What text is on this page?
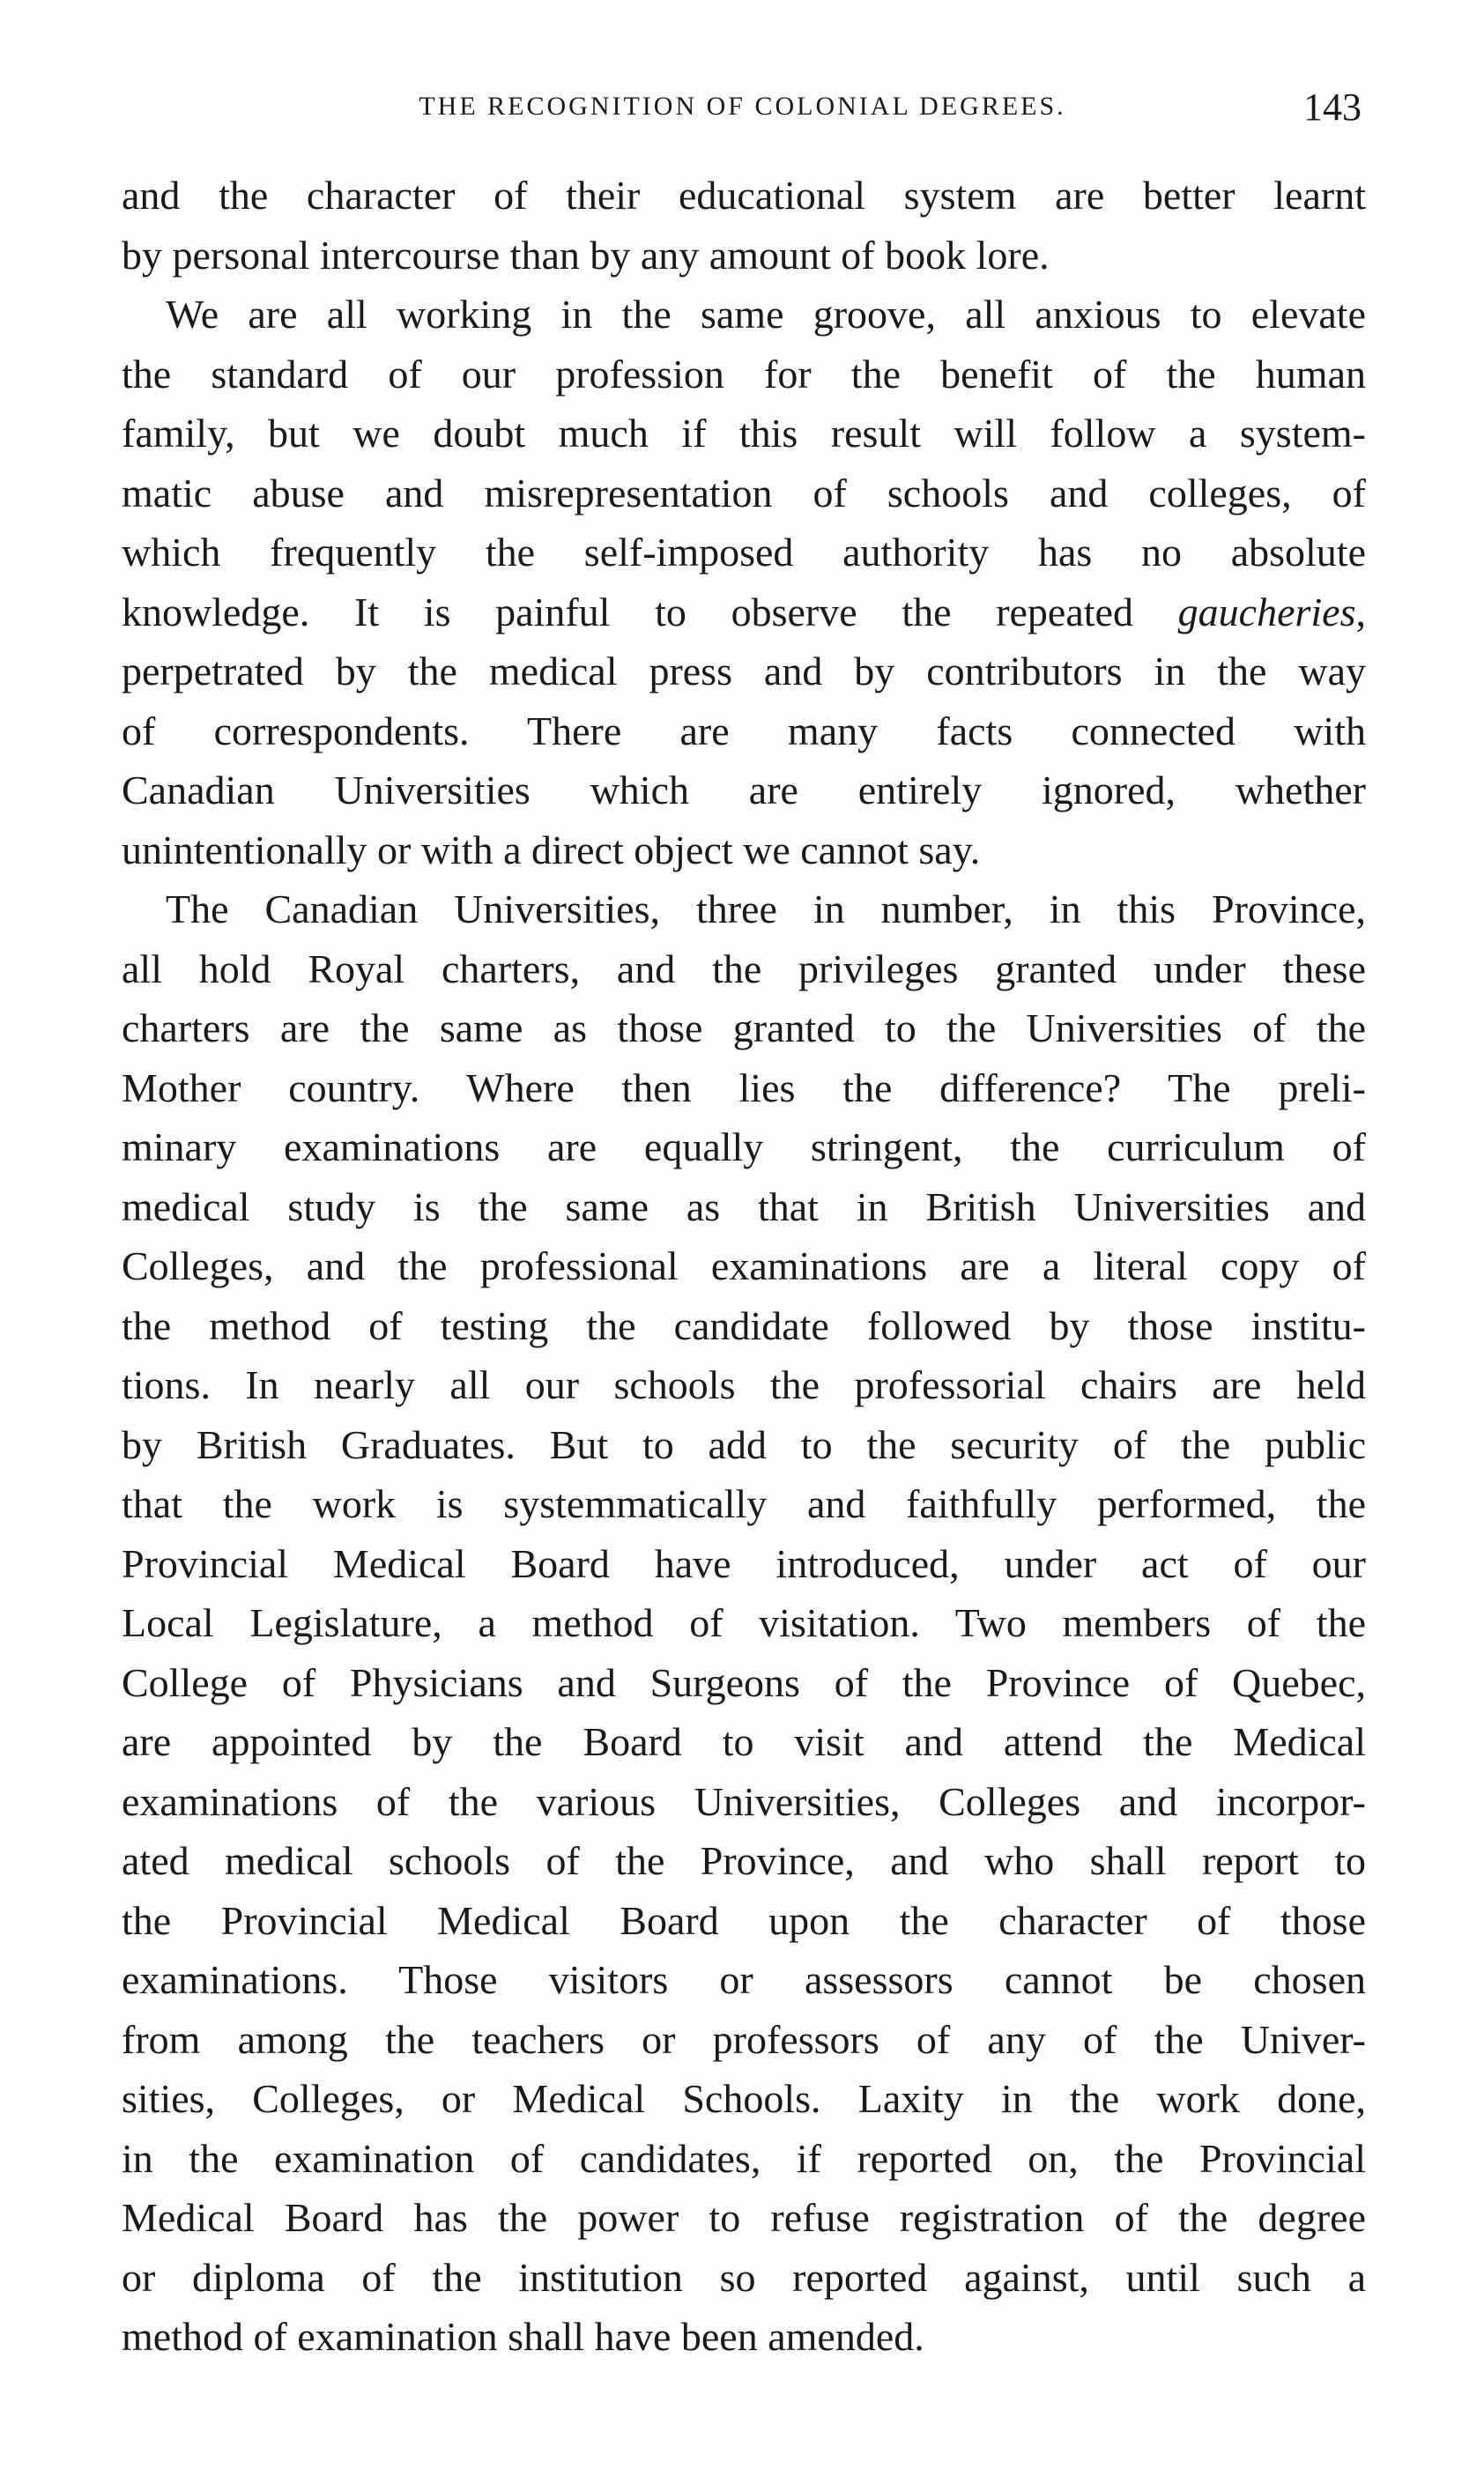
THE RECOGNITION OF COLONIAL DEGREES.	143
and the character of their educational system are better learnt
by personal intercourse than by any amount of book lore.
We are all working in the same groove, all anxious to elevate
the standard of our profession for the benefit of the human
family, but we doubt much if this result will follow a system-
matic abuse and misrepresentation of schools and colleges, of
which frequently the self-imposed authority has no absolute
knowledge. It is painful to observe the repeated gaucheries,
perpetrated by the medical press and by contributors in the way
of correspondents. There are many facts connected with
Canadian Universities which are entirely ignored, whether
unintentionally or with a direct object we cannot say.
The Canadian Universities, three in number, in this Province,
all hold Royal charters, and the privileges granted under these
charters are the same as those granted to the Universities of the
Mother country. Where then lies the difference? The preli-
minary examinations are equally stringent, the curriculum of
medical study is the same as that in British Universities and
Colleges, and the professional examinations are a literal copy of
the method of testing the candidate followed by those institu-
tions. In nearly all our schools the professorial chairs are held
by British Graduates. But to add to the security of the public
that the work is systemmatically and faithfully performed, the
Provincial Medical Board have introduced, under act of our
Local Legislature, a method of visitation. Two members of the
College of Physicians and Surgeons of the Province of Quebec,
are appointed by the Board to visit and attend the Medical
examinations of the various Universities, Colleges and incorpor-
ated medical schools of the Province, and who shall report to
the Provincial Medical Board upon the character of those
examinations. Those visitors or assessors cannot be chosen
from among the teachers or professors of any of the Univer-
sities, Colleges, or Medical Schools. Laxity in the work done,
in the examination of candidates, if reported on, the Provincial
Medical Board has the power to refuse registration of the degree
or diploma of the institution so reported against, until such a
method of examination shall have been amended.
